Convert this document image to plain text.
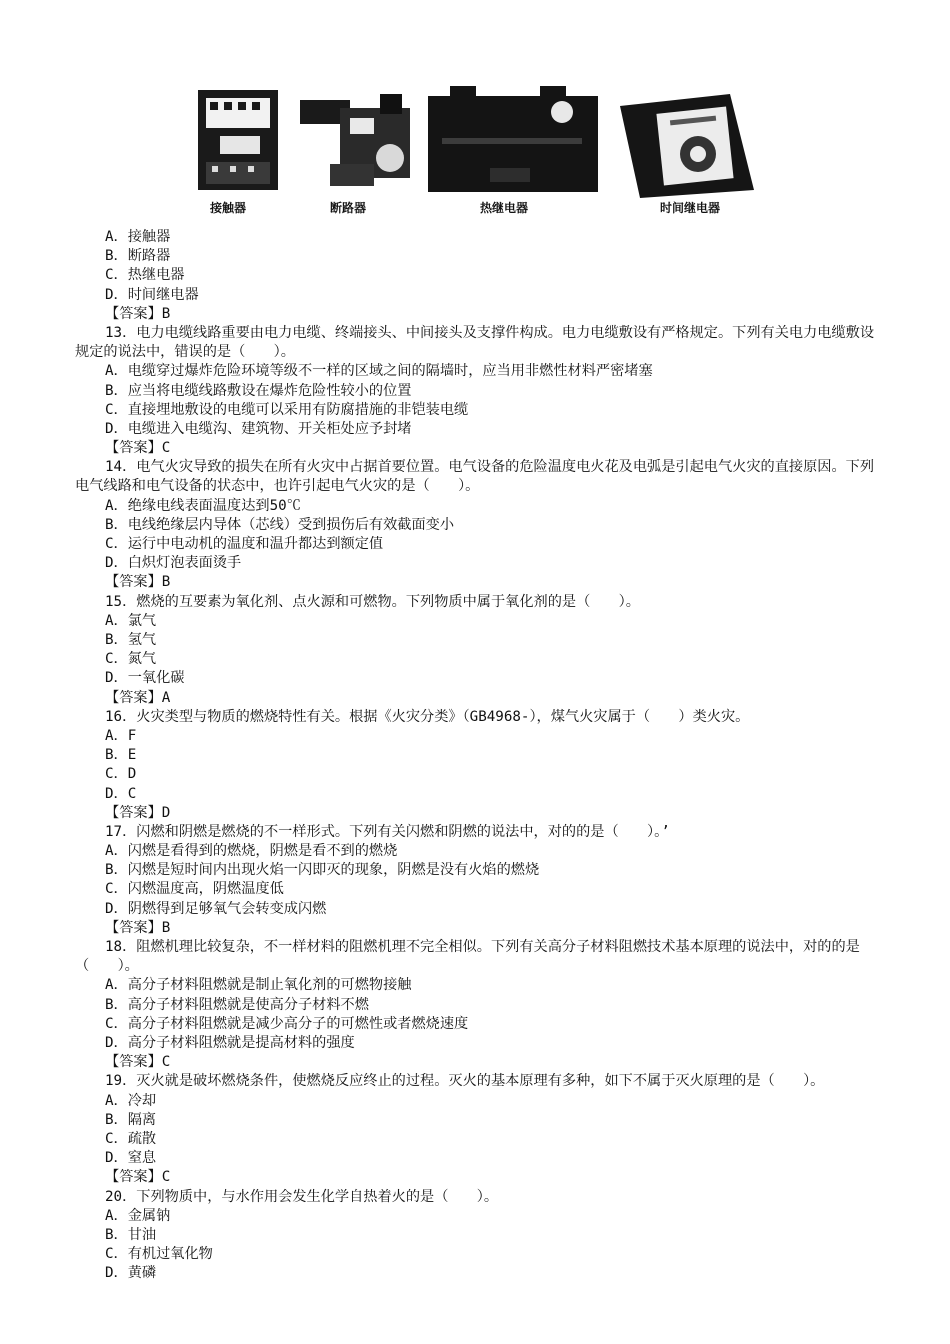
接触器	断路器	热继电器	时间继电器
A．接触器
B．断路器
C．热继电器
D．时间继电器
【答案】B
13．电力电缆线路重要由电力电缆、终端接头、中间接头及支撑件构成。电力电缆敷设有严格规定。下列有关电力电缆敷设规定的说法中，错误的是（　　）。
A．电缆穿过爆炸危险环境等级不一样的区域之间的隔墙时，应当用非燃性材料严密堵塞
B．应当将电缆线路敷设在爆炸危险性较小的位置
C．直接埋地敷设的电缆可以采用有防腐措施的非铠装电缆
D．电缆进入电缆沟、建筑物、开关柜处应予封堵
【答案】C
14．电气火灾导致的损失在所有火灾中占据首要位置。电气设备的危险温度电火花及电弧是引起电气火灾的直接原因。下列电气线路和电气设备的状态中，也许引起电气火灾的是（　　）。
A．绝缘电线表面温度达到50℃
B．电线绝缘层内导体（芯线）受到损伤后有效截面变小
C．运行中电动机的温度和温升都达到额定值
D．白炽灯泡表面烫手
【答案】B
15．燃烧的互要素为氧化剂、点火源和可燃物。下列物质中属于氧化剂的是（　　）。
A．氯气
B．氢气
C．氮气
D．一氧化碳
【答案】A
16．火灾类型与物质的燃烧特性有关。根据《火灾分类》（GB4968-），煤气火灾属于（　　）类火灾。
A．F
B．E
C．D
D．C
【答案】D
17．闪燃和阴燃是燃烧的不一样形式。下列有关闪燃和阴燃的说法中，对的的是（　　）。’
A．闪燃是看得到的燃烧，阴燃是看不到的燃烧
B．闪燃是短时间内出现火焰一闪即灭的现象，阴燃是没有火焰的燃烧
C．闪燃温度高，阴燃温度低
D．阴燃得到足够氧气会转变成闪燃
【答案】B
18．阻燃机理比较复杂，不一样材料的阻燃机理不完全相似。下列有关高分子材料阻燃技术基本原理的说法中，对的的是（　　）。
A．高分子材料阻燃就是制止氧化剂的可燃物接触
B．高分子材料阻燃就是使高分子材料不燃
C．高分子材料阻燃就是减少高分子的可燃性或者燃烧速度
D．高分子材料阻燃就是提高材料的强度
【答案】C
19．灭火就是破坏燃烧条件，使燃烧反应终止的过程。灭火的基本原理有多种，如下不属于灭火原理的是（　　）。
A．冷却
B．隔离
C．疏散
D．窒息
【答案】C
20．下列物质中，与水作用会发生化学自热着火的是（　　）。
A．金属钠
B．甘油
C．有机过氧化物
D．黄磷
